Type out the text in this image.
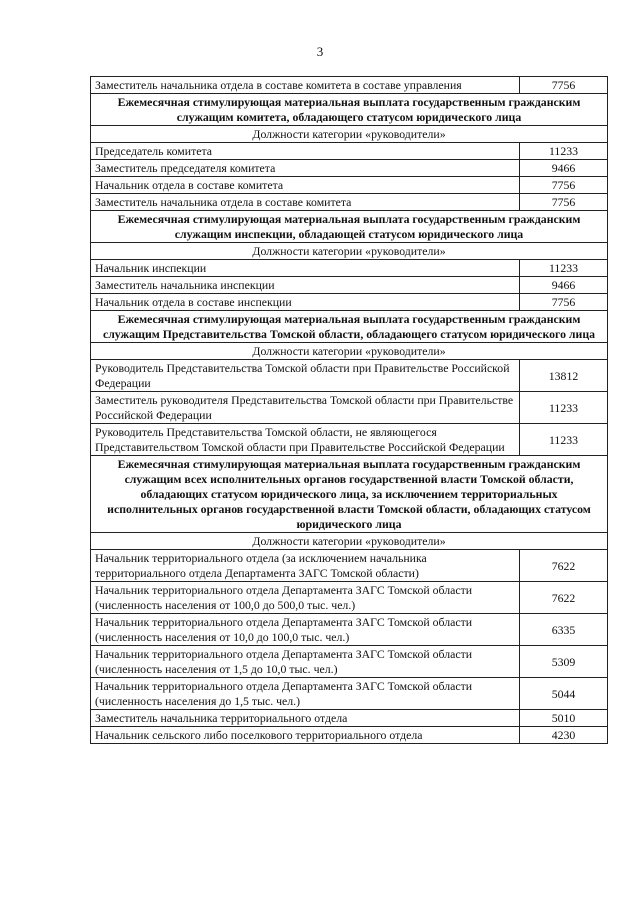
3
Заместитель начальника отдела в составе комитета в составе управления	7756
Ежемесячная стимулирующая материальная выплата государственным гражданским служащим комитета, обладающего статусом юридического лица	
Должности категории «руководители»	
Председатель комитета	11233
Заместитель председателя комитета	9466
Начальник отдела в составе комитета	7756
Заместитель начальника отдела в составе комитета	7756
Ежемесячная стимулирующая материальная выплата государственным гражданским служащим инспекции, обладающей статусом юридического лица	
Должности категории «руководители»	
Начальник инспекции	11233
Заместитель начальника инспекции	9466
Начальник отдела в составе инспекции	7756
Ежемесячная стимулирующая материальная выплата государственным гражданским служащим Представительства Томской области, обладающего статусом юридического лица	
Должности категории «руководители»	
Руководитель Представительства Томской области при Правительстве Российской Федерации	13812
Заместитель руководителя Представительства Томской области при Правительстве Российской Федерации	11233
Руководитель Представительства Томской области, не являющегося Представительством Томской области при Правительстве Российской Федерации	11233
Ежемесячная стимулирующая материальная выплата государственным гражданским служащим всех исполнительных органов государственной власти Томской области, обладающих статусом юридического лица, за исключением территориальных исполнительных органов государственной власти Томской области, обладающих статусом юридического лица	
Должности категории «руководители»	
Начальник территориального отдела (за исключением начальника территориального отдела Департамента ЗАГС Томской области)	7622
Начальник территориального отдела Департамента ЗАГС Томской области (численность населения от 100,0 до 500,0 тыс. чел.)	7622
Начальник территориального отдела Департамента ЗАГС Томской области (численность населения от 10,0 до 100,0 тыс. чел.)	6335
Начальник территориального отдела Департамента ЗАГС Томской области (численность населения от 1,5 до 10,0 тыс. чел.)	5309
Начальник территориального отдела Департамента ЗАГС Томской области (численность населения до 1,5 тыс. чел.)	5044
Заместитель начальника территориального отдела	5010
Начальник сельского либо поселкового территориального отдела	4230
